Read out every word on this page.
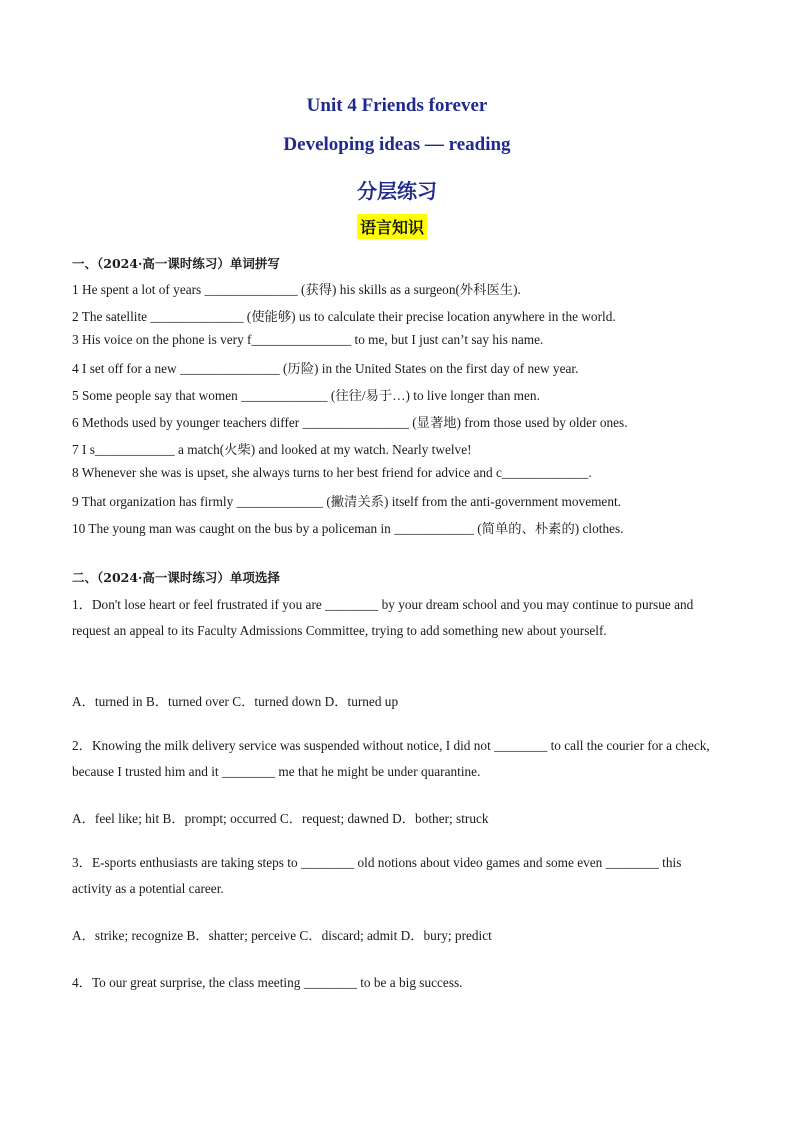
Unit 4 Friends forever
Developing ideas — reading
分层练习
语言知识
一、（2024·高一课时练习）单词拼写
1 He spent a lot of years ______________ (获得) his skills as a surgeon(外科医生).
2 The satellite ______________ (使能够) us to calculate their precise location anywhere in the world.
3 His voice on the phone is very f_______________ to me, but I just can’t say his name.
4 I set off for a new _______________ (历险) in the United States on the first day of new year.
5 Some people say that women _____________ (往往/易于…) to live longer than men.
6 Methods used by younger teachers differ ________________ (显著地) from those used by older ones.
7 I s____________ a match(火柴) and looked at my watch. Nearly twelve!
8 Whenever she was is upset, she always turns to her best friend for advice and c_____________.
9 That organization has firmly _____________ (撇清关系) itself from the anti-government movement.
10 The young man was caught on the bus by a policeman in ____________ (简单的、朴素的) clothes.
二、（2024·高一课时练习）单项选择
1．Don't lose heart or feel frustrated if you are ________ by your dream school and you may continue to pursue and request an appeal to its Faculty Admissions Committee, trying to add something new about yourself.
A．turned in B．turned over C．turned down D．turned up
2．Knowing the milk delivery service was suspended without notice, I did not ________ to call the courier for a check, because I trusted him and it ________ me that he might be under quarantine.
A．feel like; hit B．prompt; occurred C．request; dawned D．bother; struck
3．E-sports enthusiasts are taking steps to ________ old notions about video games and some even ________ this activity as a potential career.
A．strike; recognize B．shatter; perceive C．discard; admit D．bury; predict
4．To our great surprise, the class meeting ________ to be a big success.
